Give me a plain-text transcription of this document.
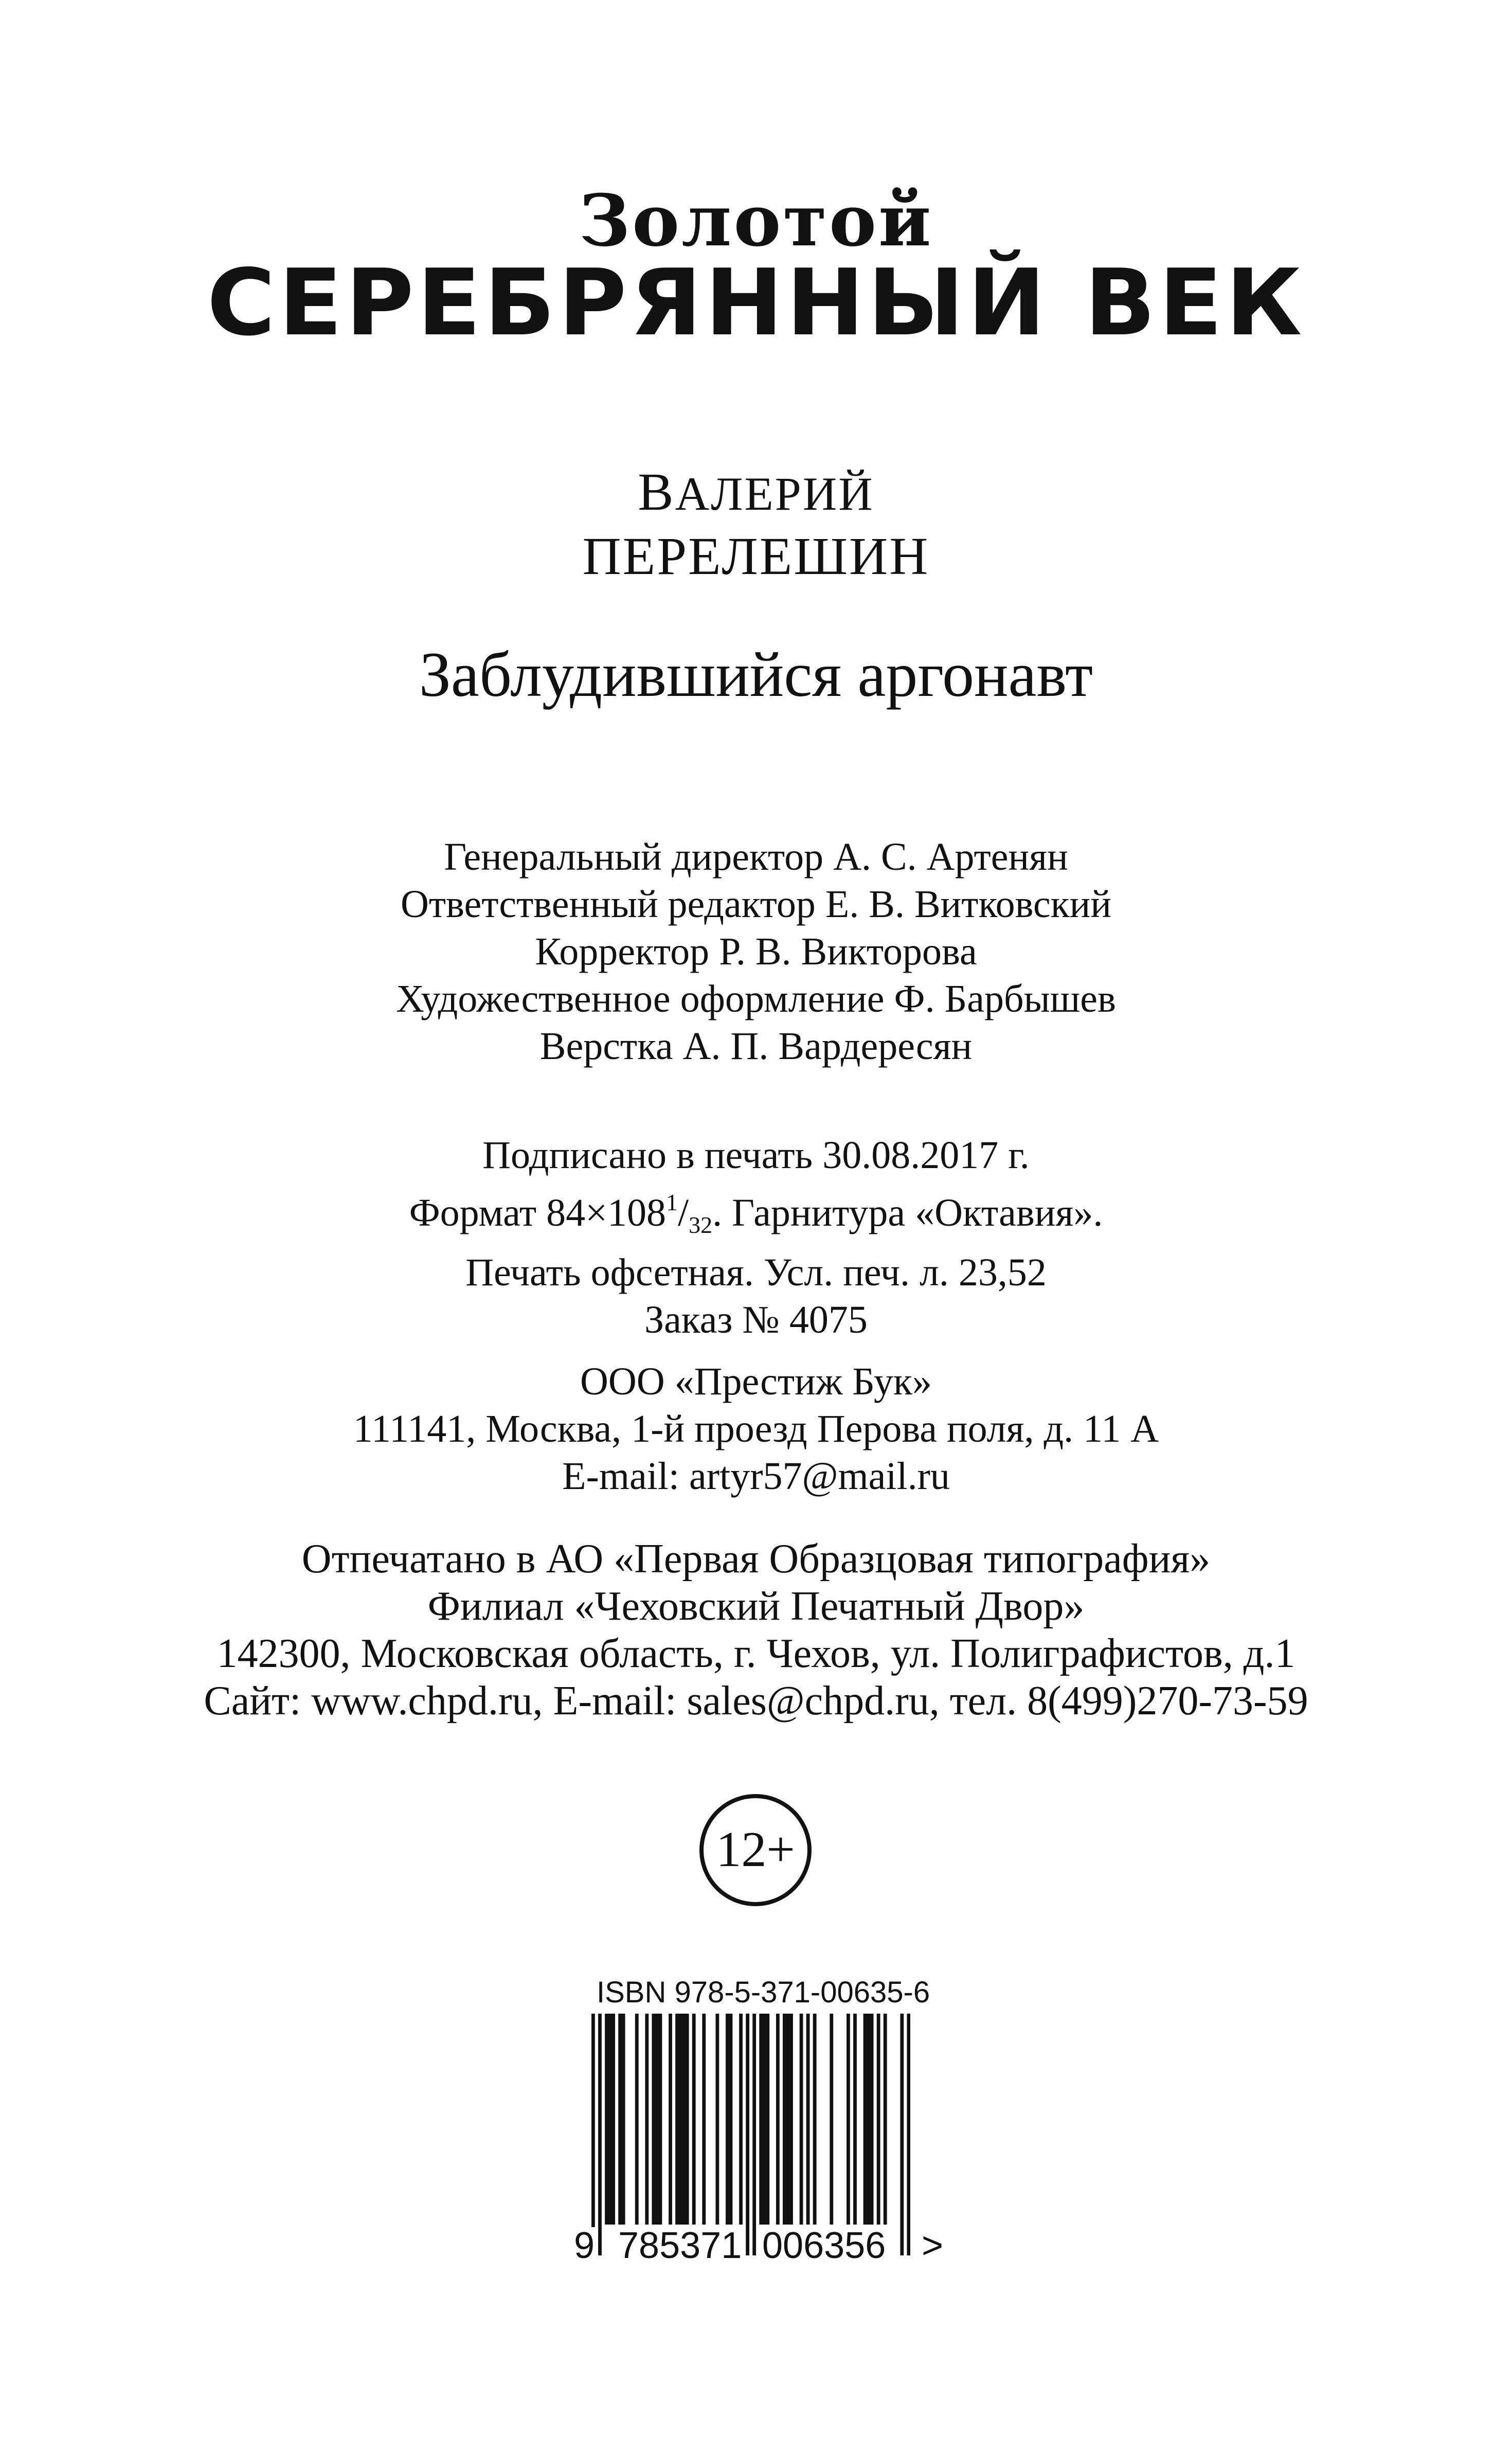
Золотой
СЕРЕБРЯННЫЙ ВЕК
ВАЛЕРИЙ
ПЕРЕЛЕШИН
Заблудившийся аргонавт
Генеральный директор А. С. Артенян
Ответственный редактор Е. В. Витковский
Корректор Р. В. Викторова
Художественное оформление Ф. Барбышев
Верстка А. П. Вардересян
Подписано в печать 30.08.2017 г.
Формат $84\times 108^1/_{32}$. Гарнитура «Октавия».
Печать офсетная. Усл. печ. л. 23,52
Заказ № 4075
ООО «Престиж Бук»
111141, Москва, 1-й проезд Перова поля, д. 11 А
E-mail: artyr57@mail.ru
Отпечатано в АО «Первая Образцовая типография»
Филиал «Чеховский Печатный Двор»
142300, Московская область, г. Чехов, ул. Полиграфистов, д.1
Сайт: www.chpd.ru, E-mail: sales@chpd.ru, тел. 8(499)270-73-59
12+
ISBN 978-5-371-00635-6
9 785371 006356 >
